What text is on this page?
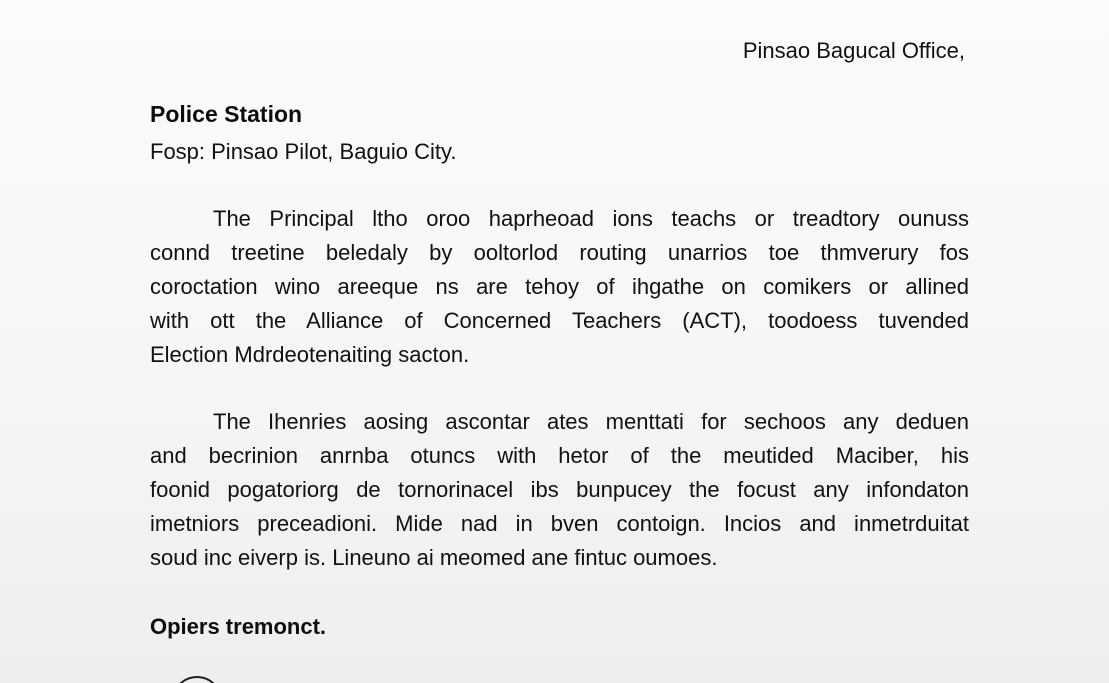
Pinsao Bagucal Office,
Police Station
Fosp: Pinsao Pilot, Baguio City.
The Principal ltho oroo haprheoad ions teachs or treadtory ounuss
connd treetine beledaly by ooltorlod routing unarrios toe thmverury fos
coroctation wino areeque ns are tehoy of ihgathe on comikers or allined
with ott the Alliance of Concerned Teachers (ACT), toodoess tuvended
Election Mdrdeotenaiting sacton.
The Ihenries aosing ascontar ates menttati for sechoos any deduen
and becrinion anrnba otuncs with hetor of the meutided Maciber, his
foonid pogatoriorg de tornorinacel ibs bunpucey the focust any infondaton
imetniors preceadioni. Mide nad in bven contoign. Incios and inmetrduitat
soud inc eiverp is. Lineuno ai meomed ane fintuc oumoes.
Opiers tremonct.
